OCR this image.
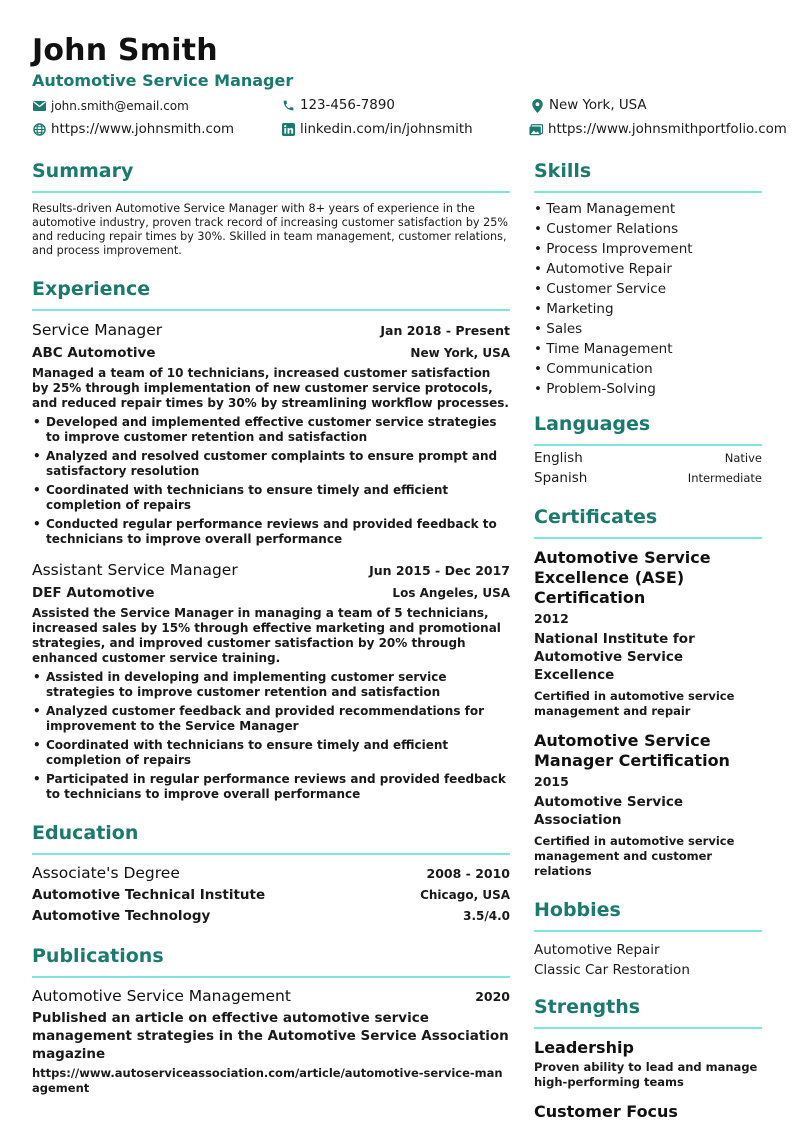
John Smith
Automotive Service Manager
john.smith@email.com	123-456-7890	New York, USA
https://www.johnsmith.com	linkedin.com/in/johnsmith	https://www.johnsmithportfolio.com
Summary
Results-driven Automotive Service Manager with 8+ years of experience in the automotive industry, proven track record of increasing customer satisfaction by 25% and reducing repair times by 30%. Skilled in team management, customer relations, and process improvement.
Experience
Service Manager	Jan 2018 - Present
ABC Automotive	New York, USA
Managed a team of 10 technicians, increased customer satisfaction by 25% through implementation of new customer service protocols, and reduced repair times by 30% by streamlining workflow processes.
• Developed and implemented effective customer service strategies to improve customer retention and satisfaction
• Analyzed and resolved customer complaints to ensure prompt and satisfactory resolution
• Coordinated with technicians to ensure timely and efficient completion of repairs
• Conducted regular performance reviews and provided feedback to technicians to improve overall performance
Assistant Service Manager	Jun 2015 - Dec 2017
DEF Automotive	Los Angeles, USA
Assisted the Service Manager in managing a team of 5 technicians, increased sales by 15% through effective marketing and promotional strategies, and improved customer satisfaction by 20% through enhanced customer service training.
• Assisted in developing and implementing customer service strategies to improve customer retention and satisfaction
• Analyzed customer feedback and provided recommendations for improvement to the Service Manager
• Coordinated with technicians to ensure timely and efficient completion of repairs
• Participated in regular performance reviews and provided feedback to technicians to improve overall performance
Education
Associate's Degree	2008 - 2010
Automotive Technical Institute	Chicago, USA
Automotive Technology	3.5/4.0
Publications
Automotive Service Management	2020
Published an article on effective automotive service management strategies in the Automotive Service Association magazine
https://www.autoserviceassociation.com/article/automotive-service-management
Skills
• Team Management
• Customer Relations
• Process Improvement
• Automotive Repair
• Customer Service
• Marketing
• Sales
• Time Management
• Communication
• Problem-Solving
Languages
English	Native
Spanish	Intermediate
Certificates
Automotive Service Excellence (ASE) Certification
2012
National Institute for Automotive Service Excellence
Certified in automotive service management and repair
Automotive Service Manager Certification
2015
Automotive Service Association
Certified in automotive service management and customer relations
Hobbies
Automotive Repair
Classic Car Restoration
Strengths
Leadership
Proven ability to lead and manage high-performing teams
Customer Focus
